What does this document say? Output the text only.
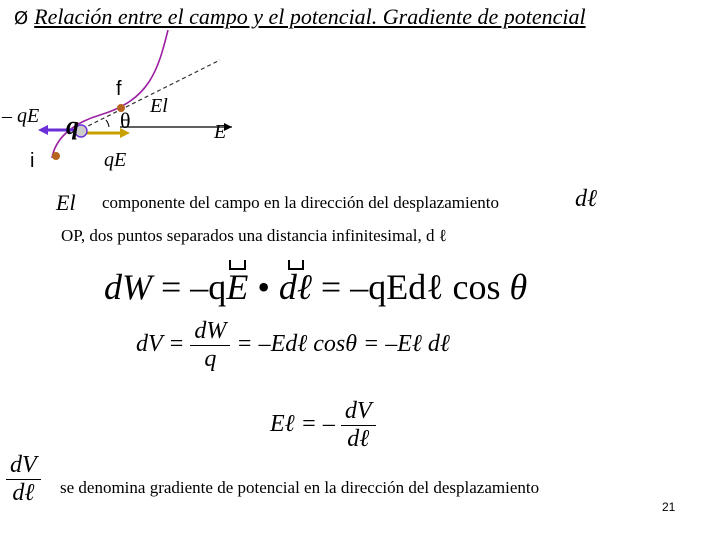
Ø Relación entre el campo y el potencial. Gradiente de potencial
– qE q
El
E
qE
f
θ
i
El componente del campo en la dirección del desplazamiento	dℓ
OP, dos puntos separados una distancia infinitesimal, d ℓ
dW = –qE • dℓ = –qEdℓ cos θ
dV = $\frac{dW}{q}$ = –Edℓ cosθ = –Eℓ dℓ
Eℓ = – $\frac{dV}{\text{dℓ}}$
$\frac{dV}{\text{dℓ}}$ se denomina gradiente de potencial en la dirección del desplazamiento
21
